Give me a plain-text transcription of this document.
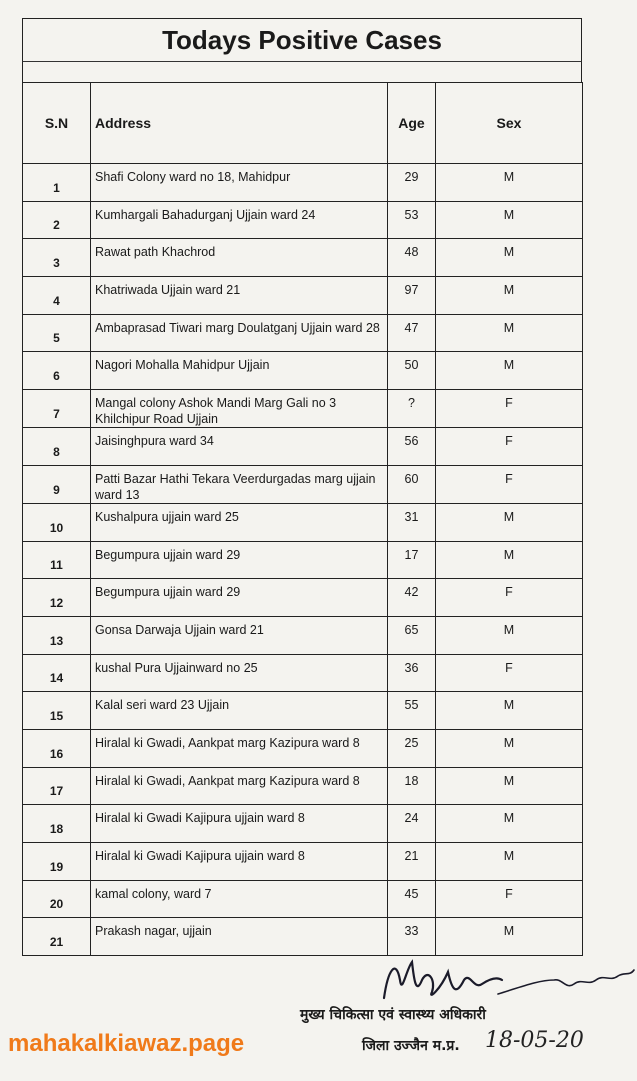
Todays Positive Cases
S.N	Address	Age	Sex
1	Shafi Colony ward no 18, Mahidpur	29	M
2	Kumhargali Bahadurganj Ujjain ward 24	53	M
3	Rawat path Khachrod	48	M
4	Khatriwada Ujjain ward 21	97	M
5	Ambaprasad Tiwari marg Doulatganj Ujjain ward 28	47	M
6	Nagori Mohalla Mahidpur Ujjain	50	M
7	Mangal colony Ashok Mandi Marg Gali no 3 Khilchipur Road Ujjain	?	F
8	Jaisinghpura ward 34	56	F
9	Patti Bazar Hathi Tekara Veerdurgadas marg ujjain ward 13	60	F
10	Kushalpura ujjain ward 25	31	M
11	Begumpura ujjain ward 29	17	M
12	Begumpura ujjain ward 29	42	F
13	Gonsa Darwaja Ujjain ward 21	65	M
14	kushal Pura Ujjainward no 25	36	F
15	Kalal seri ward 23 Ujjain	55	M
16	Hiralal ki Gwadi, Aankpat marg Kazipura ward 8	25	M
17	Hiralal ki Gwadi, Aankpat marg Kazipura ward 8	18	M
18	Hiralal ki Gwadi Kajipura ujjain ward 8	24	M
19	Hiralal ki Gwadi Kajipura ujjain ward 8	21	M
20	kamal colony, ward 7	45	F
21	Prakash nagar, ujjain	33	M
मुख्य चिकित्सा एवं स्वास्थ्य अधिकारी
जिला उज्जैन म.प्र. 18-05-20
mahakalkiawaz.page
